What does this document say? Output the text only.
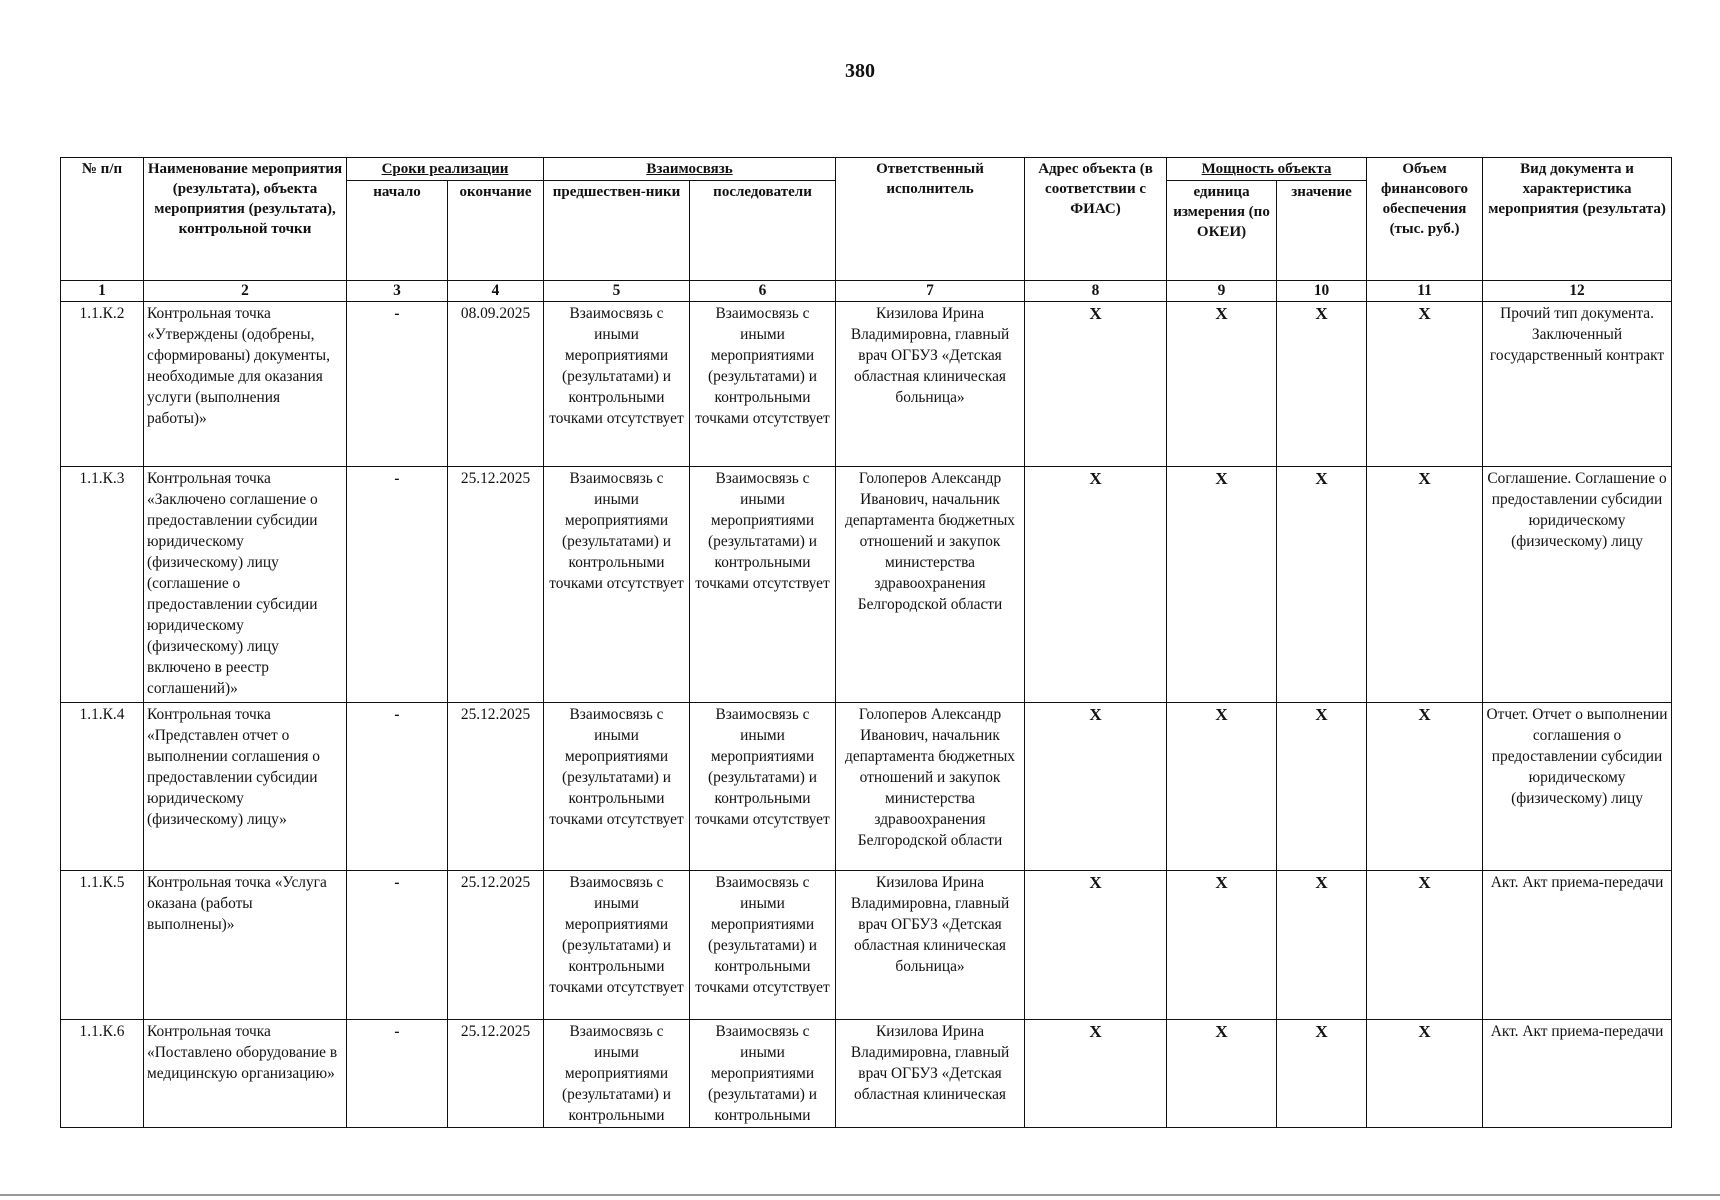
380
№ п/п	Наименование мероприятия (результата), объекта мероприятия (результата), контрольной точки	Сроки реализации		Взаимосвязь		Ответственный исполнитель	Адрес объекта (в соответствии с ФИАС)	Мощность объекта		Объем финансового обеспечения (тыс. руб.)	Вид документа и характеристика мероприятия (результата)
		начало	окончание	предшествен-ники	последователи			единица измерения (по ОКЕИ)	значение		
1	2	3	4	5	6	7	8	9	10	11	12
1.1.К.2	Контрольная точка «Утверждены (одобрены, сформированы) документы, необходимые для оказания услуги (выполнения работы)»	-	08.09.2025	Взаимосвязь с иными мероприятиями (результатами) и контрольными точками отсутствует	Взаимосвязь с иными мероприятиями (результатами) и контрольными точками отсутствует	Кизилова Ирина Владимировна, главный врач ОГБУЗ «Детская областная клиническая больница»	X	X	X	X	Прочий тип документа. Заключенный государственный контракт
1.1.К.3	Контрольная точка «Заключено соглашение о предоставлении субсидии юридическому (физическому) лицу (соглашение о предоставлении субсидии юридическому (физическому) лицу включено в реестр соглашений)»	-	25.12.2025	Взаимосвязь с иными мероприятиями (результатами) и контрольными точками отсутствует	Взаимосвязь с иными мероприятиями (результатами) и контрольными точками отсутствует	Голоперов Александр Иванович, начальник департамента бюджетных отношений и закупок министерства здравоохранения Белгородской области	X	X	X	X	Соглашение. Соглашение о предоставлении субсидии юридическому (физическому) лицу
1.1.К.4	Контрольная точка «Представлен отчет о выполнении соглашения о предоставлении субсидии юридическому (физическому) лицу»	-	25.12.2025	Взаимосвязь с иными мероприятиями (результатами) и контрольными точками отсутствует	Взаимосвязь с иными мероприятиями (результатами) и контрольными точками отсутствует	Голоперов Александр Иванович, начальник департамента бюджетных отношений и закупок министерства здравоохранения Белгородской области	X	X	X	X	Отчет. Отчет о выполнении соглашения о предоставлении субсидии юридическому (физическому) лицу
1.1.К.5	Контрольная точка «Услуга оказана (работы выполнены)»	-	25.12.2025	Взаимосвязь с иными мероприятиями (результатами) и контрольными точками отсутствует	Взаимосвязь с иными мероприятиями (результатами) и контрольными точками отсутствует	Кизилова Ирина Владимировна, главный врач ОГБУЗ «Детская областная клиническая больница»	X	X	X	X	Акт. Акт приема-передачи
1.1.К.6	Контрольная точка «Поставлено оборудование в медицинскую организацию»	-	25.12.2025	Взаимосвязь с иными мероприятиями (результатами) и контрольными	Взаимосвязь с иными мероприятиями (результатами) и контрольными	Кизилова Ирина Владимировна, главный врач ОГБУЗ «Детская областная клиническая	X	X	X	X	Акт. Акт приема-передачи
